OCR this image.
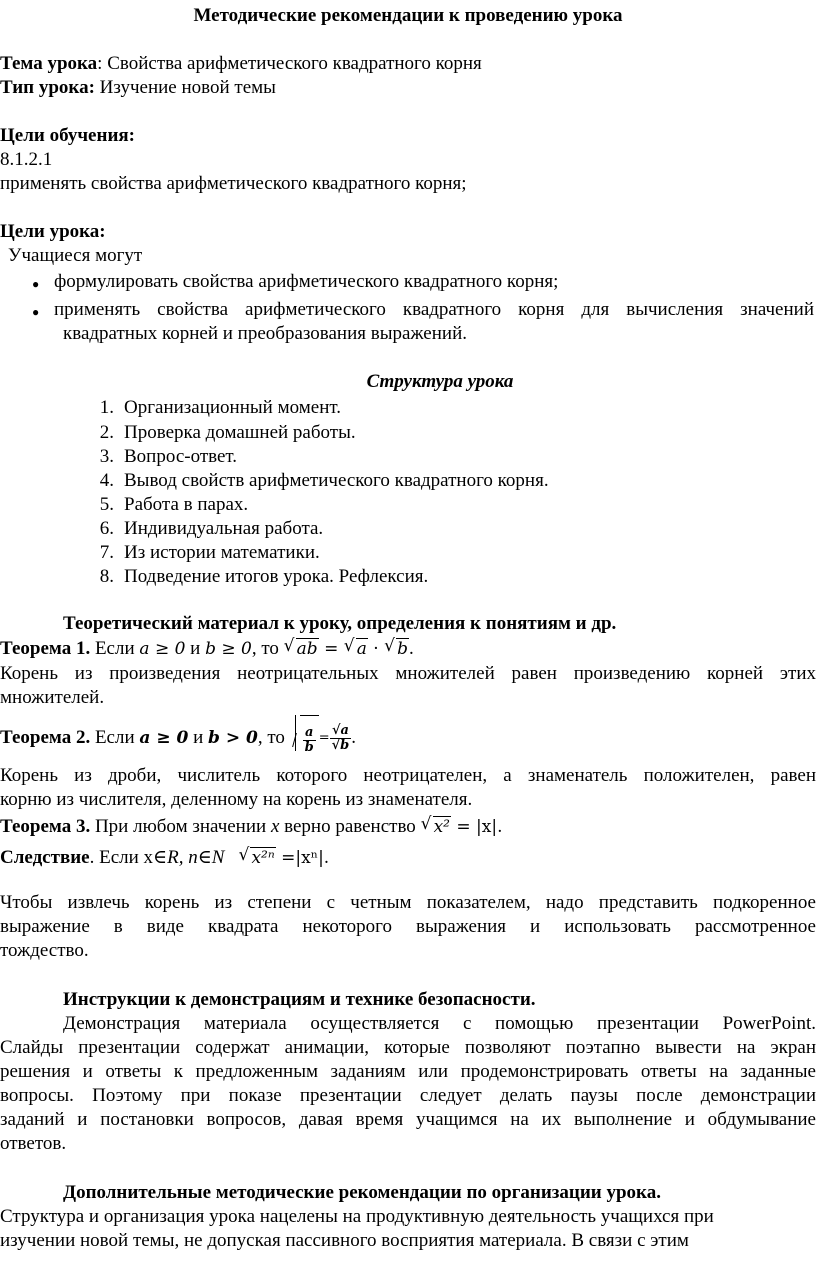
Методические рекомендации к проведению урока
Тема урока: Свойства арифметического квадратного корня
Тип урока: Изучение новой темы
Цели обучения:
8.1.2.1
применять свойства арифметического квадратного корня;
Цели урока:
Учащиеся могут
● формулировать свойства арифметического квадратного корня;
● применять свойства арифметического квадратного корня для вычисления значений
квадратных корней и преобразования выражений.
Структура урока
1. Организационный момент.
2. Проверка домашней работы.
3. Вопрос-ответ.
4. Вывод свойств арифметического квадратного корня.
5. Работа в парах.
6. Индивидуальная работа.
7. Из истории математики.
8. Подведение итогов урока. Рефлексия.
Теоретический материал к уроку, определения к понятиям и др.
Теорема 1. Если a ≥ 0 и b ≥ 0, то √ ab = √ a · √ b.
Корень из произведения неотрицательных множителей равен произведению корней этих
множителей.
Теорема 2. Если a ≥ 0 и b > 0, то $\frac{a}{b} = \frac{√a}{√b}$ .
Корень из дроби, числитель которого неотрицателен, а знаменатель положителен, равен
корню из числителя, деленному на корень из знаменателя.
Теорема 3. При любом значении x верно равенство √ x² = |x|.
Следствие. Если x∈R, n∈N √ x²ⁿ =|xⁿ|.
Чтобы извлечь корень из степени с четным показателем, надо представить подкоренное
выражение в виде квадрата некоторого выражения и использовать рассмотренное
тождество.
Инструкции к демонстрациям и технике безопасности.
Демонстрация материала осуществляется с помощью презентации PowerPoint.
Слайды презентации содержат анимации, которые позволяют поэтапно вывести на экран
решения и ответы к предложенным заданиям или продемонстрировать ответы на заданные
вопросы. Поэтому при показе презентации следует делать паузы после демонстрации
заданий и постановки вопросов, давая время учащимся на их выполнение и обдумывание
ответов.
Дополнительные методические рекомендации по организации урока.
Структура и организация урока нацелены на продуктивную деятельность учащихся при
изучении новой темы, не допуская пассивного восприятия материала. В связи с этим
